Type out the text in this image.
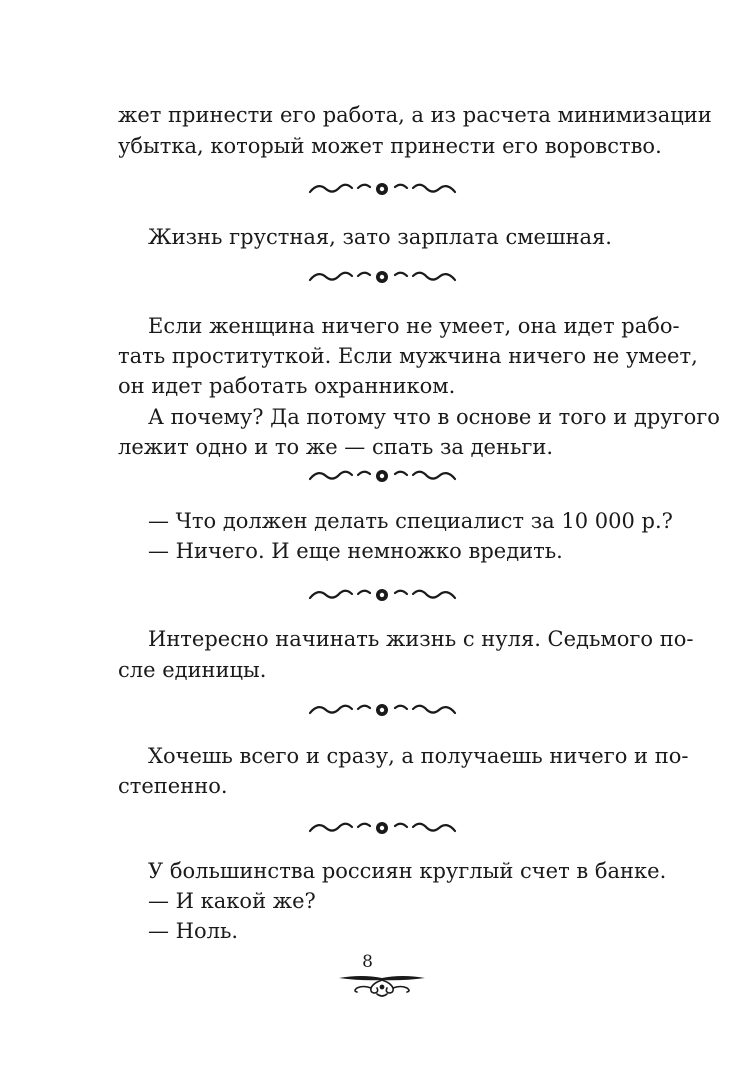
жет принести его работа, а из расчета минимизации
убытка, который может принести его воровство.
Жизнь грустная, зато зарплата смешная.
Если женщина ничего не умеет, она идет рабо-
тать проституткой. Если мужчина ничего не умеет,
он идет работать охранником.
А почему? Да потому что в основе и того и другого
лежит одно и то же — спать за деньги.
— Что должен делать специалист за 10 000 р.?
— Ничего. И еще немножко вредить.
Интересно начинать жизнь с нуля. Седьмого по-
сле единицы.
Хочешь всего и сразу, а получаешь ничего и по-
степенно.
У большинства россиян круглый счет в банке.
— И какой же?
— Ноль.
8
